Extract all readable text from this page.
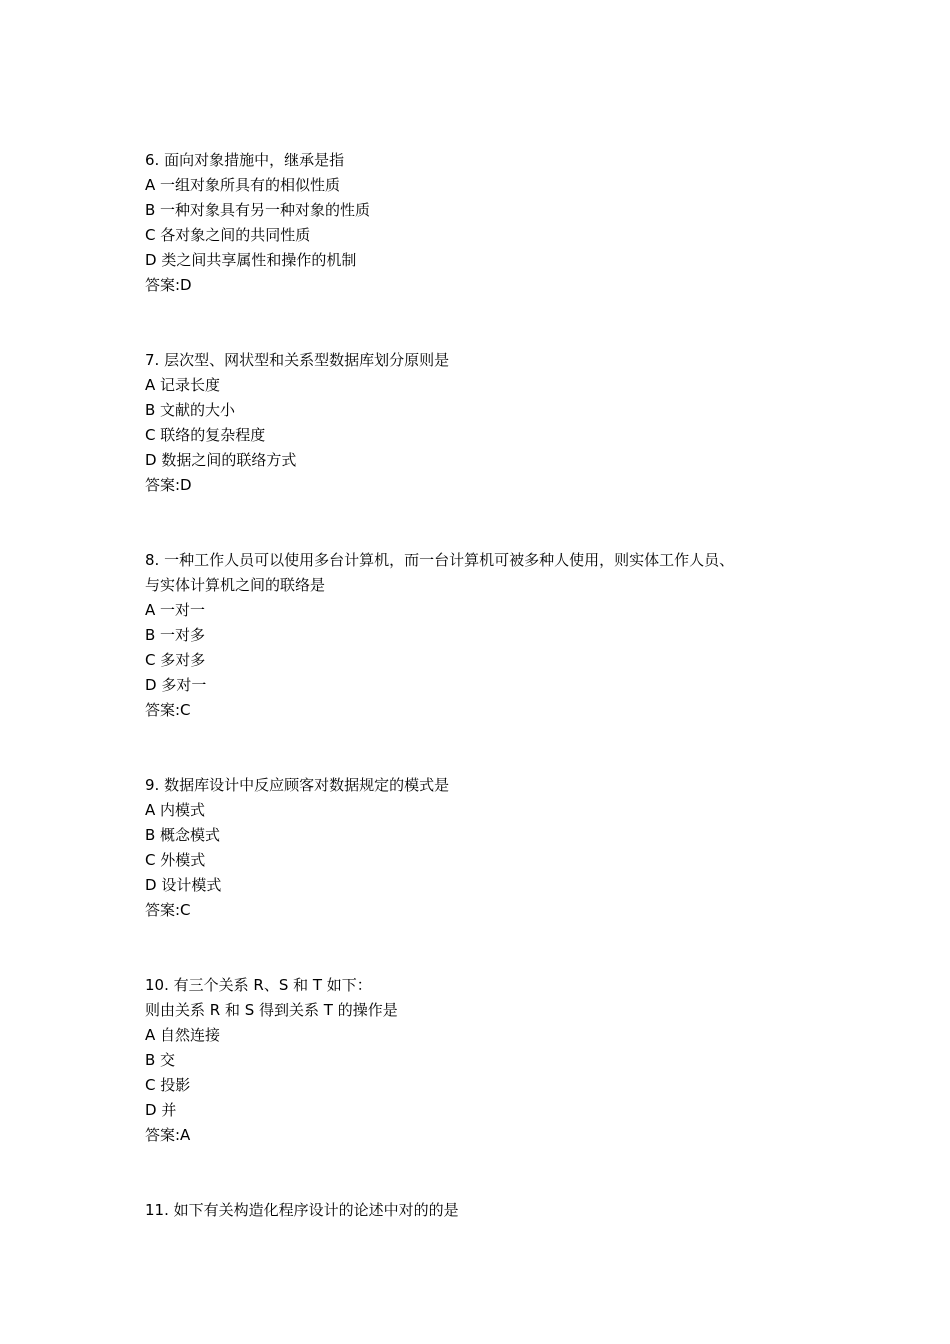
6. 面向对象措施中，继承是指
A 一组对象所具有的相似性质
B 一种对象具有另一种对象的性质
C 各对象之间的共同性质
D 类之间共享属性和操作的机制
答案:D
7. 层次型、网状型和关系型数据库划分原则是
A 记录长度
B 文献的大小
C 联络的复杂程度
D 数据之间的联络方式
答案:D
8. 一种工作人员可以使用多台计算机，而一台计算机可被多种人使用，则实体工作人员、
与实体计算机之间的联络是
A 一对一
B 一对多
C 多对多
D 多对一
答案:C
9. 数据库设计中反应顾客对数据规定的模式是
A 内模式
B 概念模式
C 外模式
D 设计模式
答案:C
10. 有三个关系 R、S 和 T 如下：
则由关系 R 和 S 得到关系 T 的操作是
A 自然连接
B 交
C 投影
D 并
答案:A
11. 如下有关构造化程序设计的论述中对的的是
